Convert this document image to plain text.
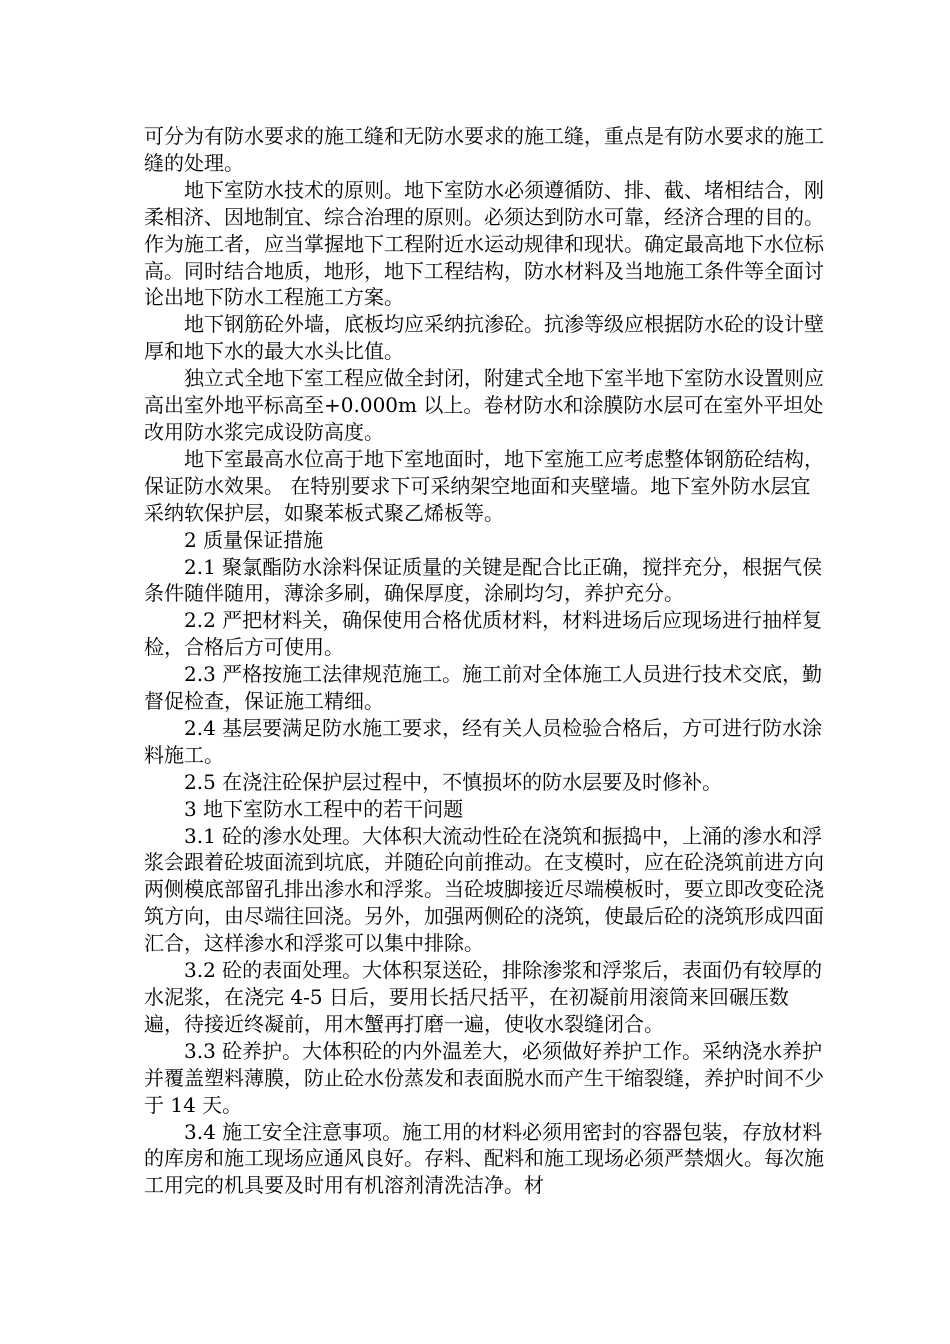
可分为有防水要求的施工缝和无防水要求的施工缝，重点是有防水要求的施工缝的处理。

地下室防水技术的原则。地下室防水必须遵循防、排、截、堵相结合，刚柔相济、因地制宜、综合治理的原则。必须达到防水可靠，经济合理的目的。作为施工者，应当掌握地下工程附近水运动规律和现状。确定最高地下水位标高。同时结合地质，地形，地下工程结构，防水材料及当地施工条件等全面讨论出地下防水工程施工方案。

地下钢筋砼外墙，底板均应采纳抗渗砼。抗渗等级应根据防水砼的设计壁厚和地下水的最大水头比值。

独立式全地下室工程应做全封闭，附建式全地下室半地下室防水设置则应高出室外地平标高至+0.000m 以上。卷材防水和涂膜防水层可在室外平坦处改用防水浆完成设防高度。

地下室最高水位高于地下室地面时，地下室施工应考虑整体钢筋砼结构，保证防水效果。 在特别要求下可采纳架空地面和夹壁墙。地下室外防水层宜采纳软保护层，如聚苯板式聚乙烯板等。

2 质量保证措施

2.1 聚氯酯防水涂料保证质量的关键是配合比正确，搅拌充分，根据气侯条件随伴随用，薄涂多刷，确保厚度，涂刷均匀，养护充分。

2.2 严把材料关，确保使用合格优质材料，材料进场后应现场进行抽样复检，合格后方可使用。

2.3 严格按施工法律规范施工。施工前对全体施工人员进行技术交底，勤督促检查，保证施工精细。

2.4 基层要满足防水施工要求，经有关人员检验合格后，方可进行防水涂料施工。

2.5 在浇注砼保护层过程中，不慎损坏的防水层要及时修补。

3 地下室防水工程中的若干问题

3.1 砼的渗水处理。大体积大流动性砼在浇筑和振捣中，上涌的渗水和浮浆会跟着砼坡面流到坑底，并随砼向前推动。在支模时，应在砼浇筑前进方向两侧模底部留孔排出渗水和浮浆。当砼坡脚接近尽端模板时，要立即改变砼浇筑方向，由尽端往回浇。另外，加强两侧砼的浇筑，使最后砼的浇筑形成四面汇合，这样渗水和浮浆可以集中排除。

3.2 砼的表面处理。大体积泵送砼，排除渗浆和浮浆后，表面仍有较厚的水泥浆，在浇完 4-5 日后，要用长括尺括平，在初凝前用滚筒来回碾压数遍，待接近终凝前，用木蟹再打磨一遍，使收水裂缝闭合。

3.3 砼养护。大体积砼的内外温差大，必须做好养护工作。采纳浇水养护并覆盖塑料薄膜，防止砼水份蒸发和表面脱水而产生干缩裂缝，养护时间不少于 14 天。

3.4 施工安全注意事项。施工用的材料必须用密封的容器包装，存放材料的库房和施工现场应通风良好。存料、配料和施工现场必须严禁烟火。每次施工用完的机具要及时用有机溶剂清洗洁净。材
